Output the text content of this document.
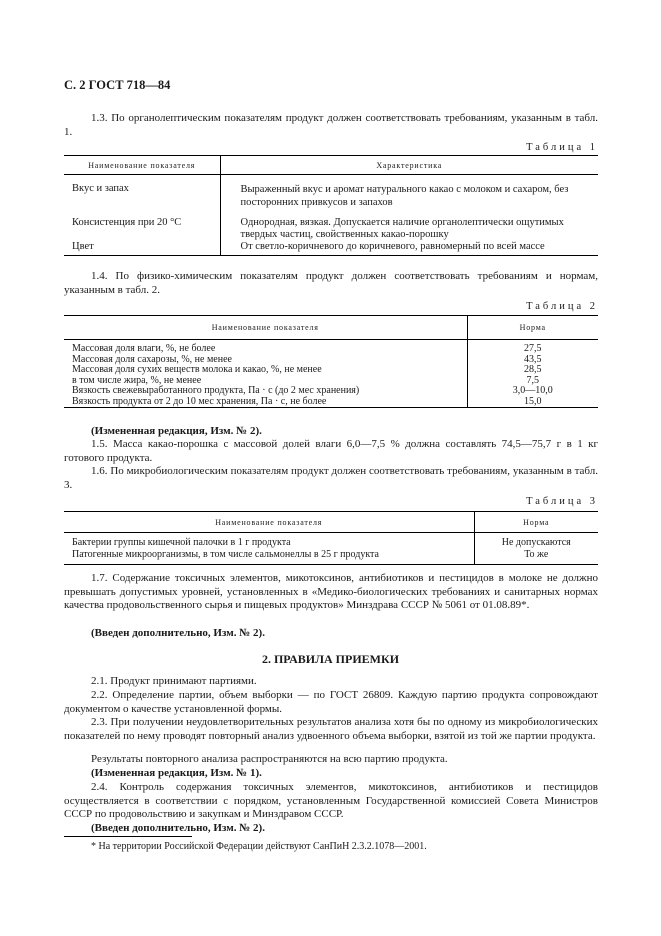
С. 2 ГОСТ 718—84
1.3. По органолептическим показателям продукт должен соответствовать требованиям, указанным в табл. 1.
Таблица 1
Наименование показателя	Характеристика
Вкус и запах	Выраженный вкус и аромат натурального какао с молоком и сахаром, без посторонних привкусов и запахов
Консистенция при 20 °С	Однородная, вязкая. Допускается наличие органолептически ощутимых твердых частиц, свойственных какао-порошку
Цвет	От светло-коричневого до коричневого, равномерный по всей массе
1.4. По физико-химическим показателям продукт должен соответствовать требованиям и нормам, указанным в табл. 2.
Таблица 2
Наименование показателя	Норма
Массовая доля влаги, %, не более	27,5
Массовая доля сахарозы, %, не менее	43,5
Массовая доля сухих веществ молока и какао, %, не менее	28,5
в том числе жира, %, не менее	7,5
Вязкость свежевыработанного продукта, Па · с (до 2 мес хранения)	3,0—10,0
Вязкость продукта от 2 до 10 мес хранения, Па · с, не более	15,0
(Измененная редакция, Изм. № 2).
1.5. Масса какао-порошка с массовой долей влаги 6,0—7,5 % должна составлять 74,5—75,7 г в 1 кг готового продукта.
1.6. По микробиологическим показателям продукт должен соответствовать требованиям, указанным в табл. 3.
Таблица 3
Наименование показателя	Норма
Бактерии группы кишечной палочки в 1 г продукта	Не допускаются
Патогенные микроорганизмы, в том числе сальмонеллы в 25 г продукта	То же
1.7. Содержание токсичных элементов, микотоксинов, антибиотиков и пестицидов в молоке не должно превышать допустимых уровней, установленных в «Медико-биологических требованиях и санитарных нормах качества продовольственного сырья и пищевых продуктов» Минздрава СССР № 5061 от 01.08.89*.
(Введен дополнительно, Изм. № 2).
2. ПРАВИЛА ПРИЕМКИ
2.1. Продукт принимают партиями.
2.2. Определение партии, объем выборки — по ГОСТ 26809. Каждую партию продукта сопровождают документом о качестве установленной формы.
2.3. При получении неудовлетворительных результатов анализа хотя бы по одному из микробиологических показателей по нему проводят повторный анализ удвоенного объема выборки, взятой из той же партии продукта.
Результаты повторного анализа распространяются на всю партию продукта.
(Измененная редакция, Изм. № 1).
2.4. Контроль содержания токсичных элементов, микотоксинов, антибиотиков и пестицидов осуществляется в соответствии с порядком, установленным Государственной комиссией Совета Министров СССР по продовольствию и закупкам и Минздравом СССР.
(Введен дополнительно, Изм. № 2).
* На территории Российской Федерации действуют СанПиН 2.3.2.1078—2001.
